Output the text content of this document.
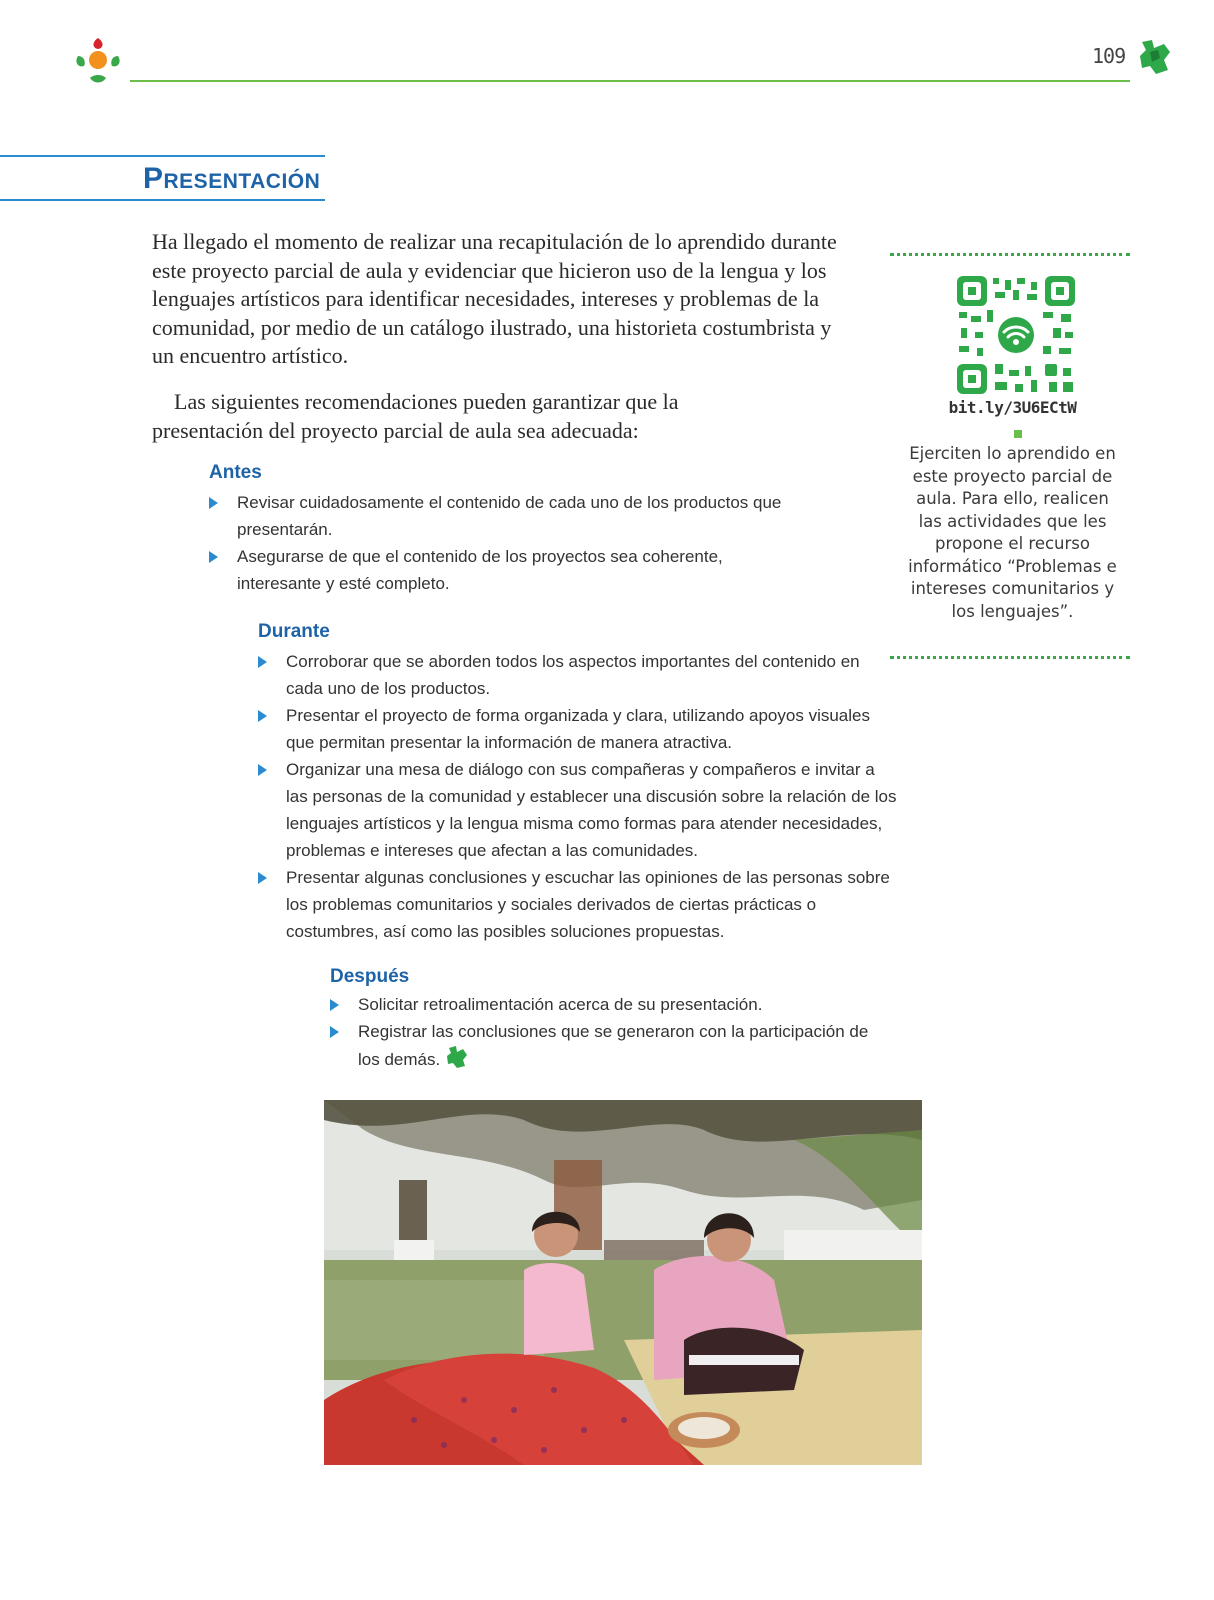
109
Presentación

Ha llegado el momento de realizar una recapitulación de lo aprendido durante este proyecto parcial de aula y evidenciar que hicieron uso de la lengua y los lenguajes artísticos para identificar necesidades, intereses y problemas de la comunidad, por medio de un catálogo ilustrado, una historieta costumbrista y un encuentro artístico.

Las siguientes recomendaciones pueden garantizar que la presentación del proyecto parcial de aula sea adecuada:

Antes
Revisar cuidadosamente el contenido de cada uno de los productos que presentarán.
Asegurarse de que el contenido de los proyectos sea coherente, interesante y esté completo.
Durante
Corroborar que se aborden todos los aspectos importantes del contenido en cada uno de los productos.
Presentar el proyecto de forma organizada y clara, utilizando apoyos visuales que permitan presentar la información de manera atractiva.
Organizar una mesa de diálogo con sus compañeras y compañeros e invitar a las personas de la comunidad y establecer una discusión sobre la relación de los lenguajes artísticos y la lengua misma como formas para atender necesidades, problemas e intereses que afectan a las comunidades.
Presentar algunas conclusiones y escuchar las opiniones de las personas sobre los problemas comunitarios y sociales derivados de ciertas prácticas o costumbres, así como las posibles soluciones propuestas.
Después
Solicitar retroalimentación acerca de su presentación.
Registrar las conclusiones que se generaron con la participación de los demás.
bit.ly/3U6ECtW

Ejerciten lo aprendido en este proyecto parcial de aula. Para ello, realicen las actividades que les propone el recurso informático “Problemas e intereses comunitarios y los lenguajes”.
